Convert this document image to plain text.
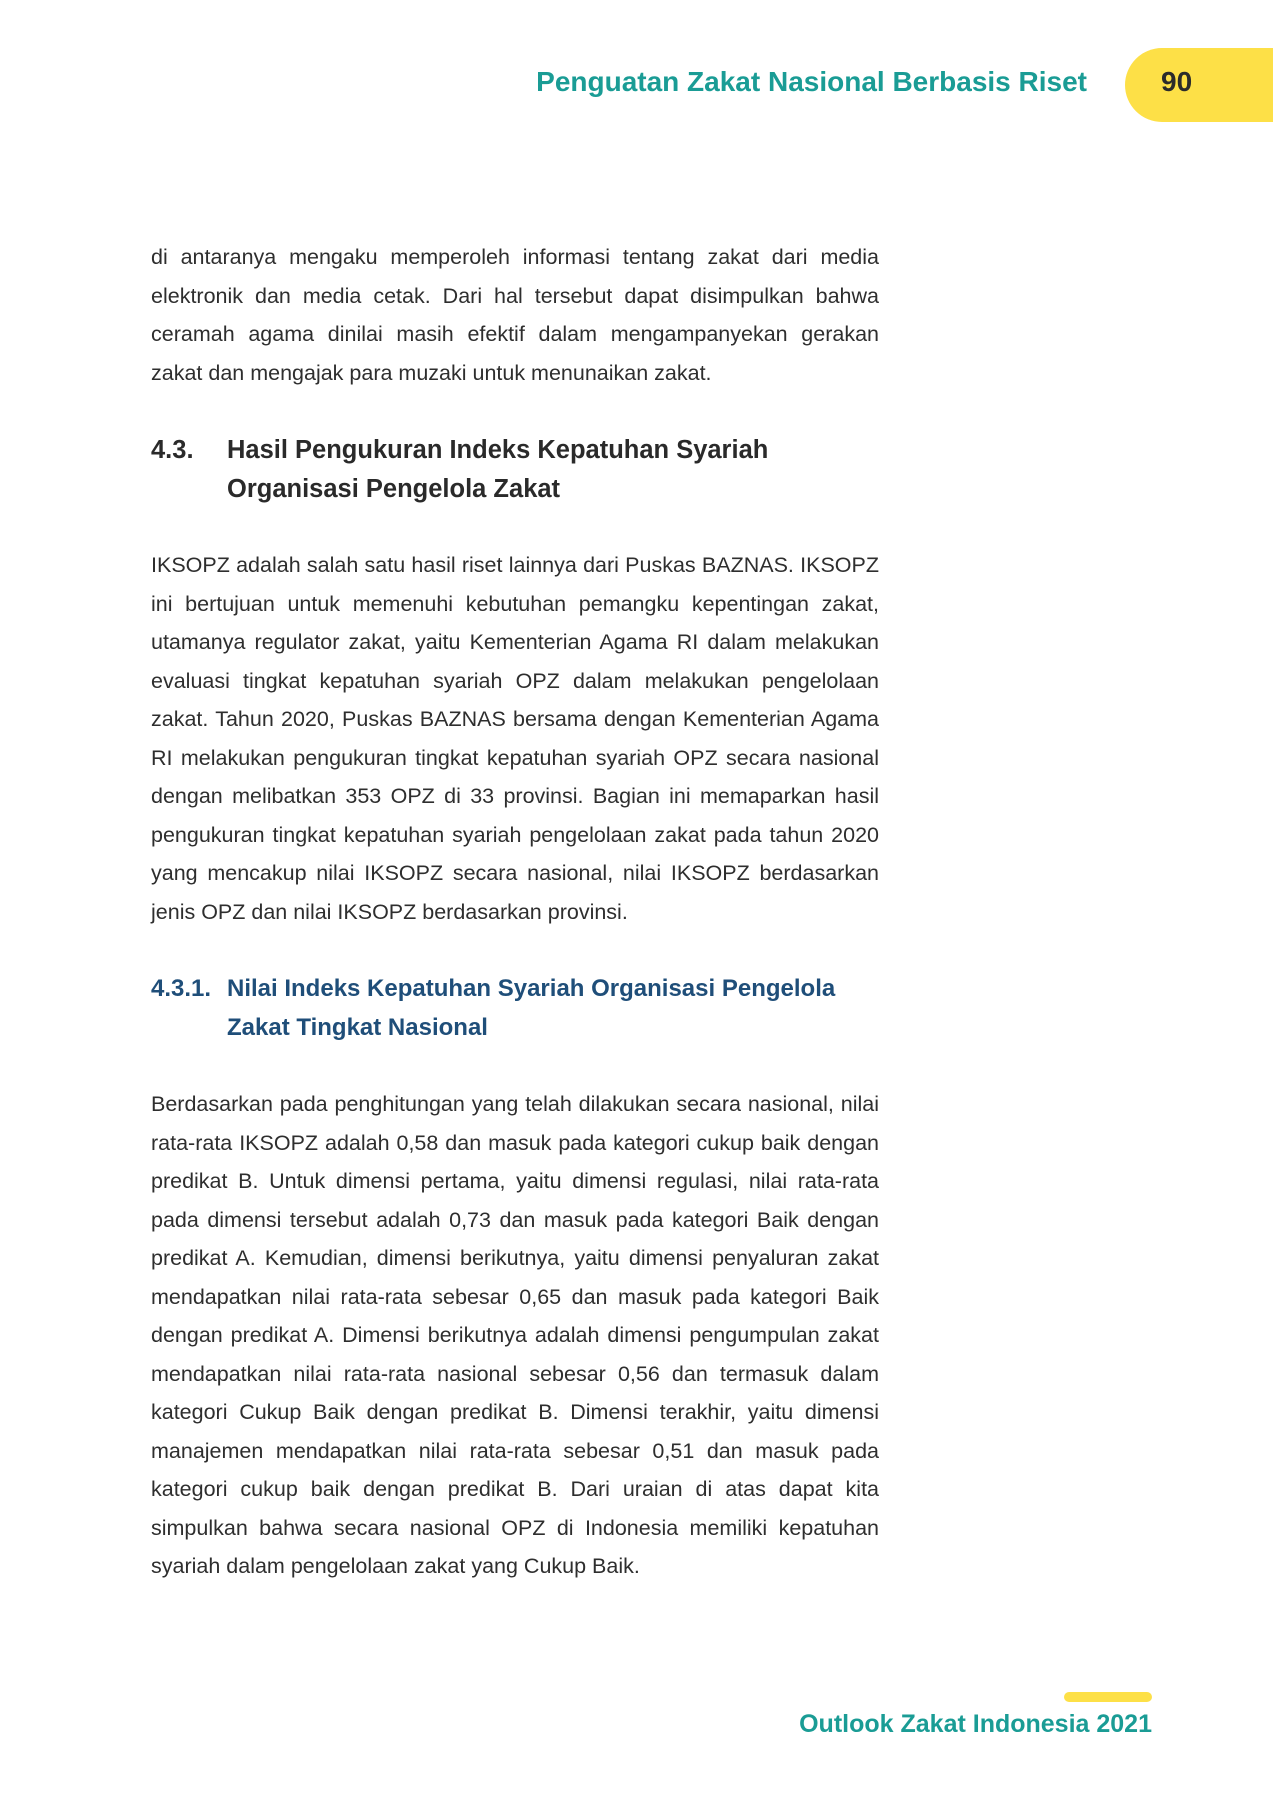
Penguatan Zakat Nasional Berbasis Riset	90

di antaranya mengaku memperoleh informasi tentang zakat dari media elektronik dan media cetak. Dari hal tersebut dapat disimpulkan bahwa ceramah agama dinilai masih efektif dalam mengampanyekan gerakan zakat dan mengajak para muzaki untuk menunaikan zakat.

4.3.	Hasil Pengukuran Indeks Kepatuhan Syariah Organisasi Pengelola Zakat

IKSOPZ adalah salah satu hasil riset lainnya dari Puskas BAZNAS. IKSOPZ ini bertujuan untuk memenuhi kebutuhan pemangku kepentingan zakat, utamanya regulator zakat, yaitu Kementerian Agama RI dalam melakukan evaluasi tingkat kepatuhan syariah OPZ dalam melakukan pengelolaan zakat. Tahun 2020, Puskas BAZNAS bersama dengan Kementerian Agama RI melakukan pengukuran tingkat kepatuhan syariah OPZ secara nasional dengan melibatkan 353 OPZ di 33 provinsi. Bagian ini memaparkan hasil pengukuran tingkat kepatuhan syariah pengelolaan zakat pada tahun 2020 yang mencakup nilai IKSOPZ secara nasional, nilai IKSOPZ berdasarkan jenis OPZ dan nilai IKSOPZ berdasarkan provinsi.

4.3.1. Nilai Indeks Kepatuhan Syariah Organisasi Pengelola Zakat Tingkat Nasional

Berdasarkan pada penghitungan yang telah dilakukan secara nasional, nilai rata-rata IKSOPZ adalah 0,58 dan masuk pada kategori cukup baik dengan predikat B. Untuk dimensi pertama, yaitu dimensi regulasi, nilai rata-rata pada dimensi tersebut adalah 0,73 dan masuk pada kategori Baik dengan predikat A. Kemudian, dimensi berikutnya, yaitu dimensi penyaluran zakat mendapatkan nilai rata-rata sebesar 0,65 dan masuk pada kategori Baik dengan predikat A. Dimensi berikutnya adalah dimensi pengumpulan zakat mendapatkan nilai rata-rata nasional sebesar 0,56 dan termasuk dalam kategori Cukup Baik dengan predikat B. Dimensi terakhir, yaitu dimensi manajemen mendapatkan nilai rata-rata sebesar 0,51 dan masuk pada kategori cukup baik dengan predikat B. Dari uraian di atas dapat kita simpulkan bahwa secara nasional OPZ di Indonesia memiliki kepatuhan syariah dalam pengelolaan zakat yang Cukup Baik.

Outlook Zakat Indonesia 2021
